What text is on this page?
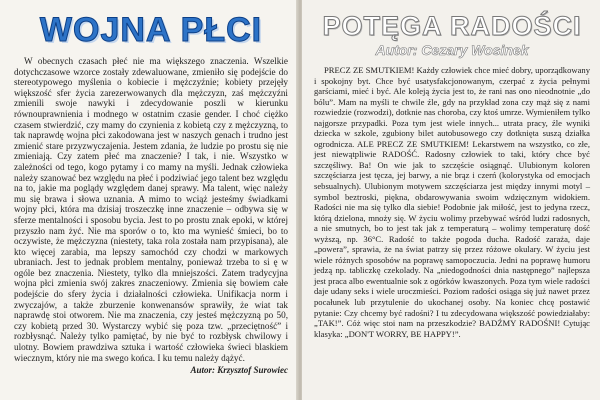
WOJNA PŁCI

W obecnych czasach płeć nie ma większego znaczenia. Wszelkie dotychczasowe wzorce zostały zdewaluowane, zmieniło się podejście do stereotypowego myślenia o kobiecie i mężczyźnie; kobiety przejęły większość sfer życia zarezerwowanych dla mężczyzn, zaś mężczyźni zmienili swoje nawyki i zdecydowanie poszli w kierunku równouprawnienia i modnego w ostatnim czasie gender. I choć ciężko czasem stwierdzić, czy mamy do czynienia z kobietą czy z mężczyzną, to tak naprawdę wojna płci zakodowana jest w naszych genach i trudno jest zmienić stare przyzwyczajenia. Jestem zdania, że ludzie po prostu się nie zmieniają. Czy zatem płeć ma znaczenie? I tak, i nie. Wszystko w zależności od tego, kogo pytamy i co mamy na myśli. Jednak człowieka należy szanować bez względu na płeć i podziwiać jego talent bez względu na to, jakie ma poglądy względem danej sprawy. Ma talent, więc należy mu się brawa i słowa uznania. A mimo to wciąż jesteśmy świadkami wojny płci, która ma dzisiaj troszeczkę inne znaczenie – odbywa się w sferze mentalności i sposobu bycia. Jest to po prostu znak epoki, w której przyszło nam żyć. Nie ma sporów o to, kto ma wynieść śmieci, bo to oczywiste, że mężczyzna (niestety, taka rola została nam przypisana), ale kto więcej zarabia, ma lepszy samochód czy chodzi w markowych ubraniach. Jest to jednak problem mentalny, ponieważ trzeba to si ę w ogóle bez znaczenia. Niestety, tylko dla mniejszości. Zatem tradycyjna wojna płci zmienia swój zakres znaczeniowy. Zmienia się bowiem całe podejście do sfery życia i działalności człowieka. Unifikacja norm i zwyczajów, a także zburzenie konwenansów sprawiły, że wiat tak naprawdę stoi otworem. Nie ma znaczenia, czy jesteś mężczyzną po 50, czy kobietą przed 30. Wystarczy wybić się poza tzw. „przeciętność” i rozbłysnąć. Należy tylko pamiętać, by nie być to rozbłysk chwilowy i ulotny. Bowiem prawdziwa sztuka i wartość człowieka świeci blaskiem wiecznym, który nie ma swego końca. I ku temu należy dążyć.

Autor: Krzysztof Surowiec

POTĘGA RADOŚCI
Autor: Cezary Wosinek

PRECZ ZE SMUTKIEM! Każdy człowiek chce mieć dobry, uporządkowany i spokojny byt. Chce być usatysfakcjonowanym, czerpać z życia pełnymi garściami, mieć i być. Ale koleją życia jest to, że rani nas ono nieodnotnie „do bólu”. Mam na myśli te chwile źle, gdy na przykład zona czy mąż się z nami rozwiedzie (rozwodzi), dotknie nas choroba, czy ktoś umrze. Wymieniłem tylko najgorsze przypadki. Poza tym jest wiele innych... utrata pracy, źle wyniki dziecka w szkole, zgubiony bilet autobusowego czy dotknięta suszą działka ogrodnicza. ALE PRECZ ZE SMUTKIEM! Lekarstwem na wszystko, co złe, jest niewątpliwie RADOŚĆ. Radosny człowiek to taki, który chce być szczęśliwy. Ba! On wie jak to szczęście osiągnąć. Ulubionym koloren szczęściarza jest tęcza, jej barwy, a nie brąz i czerń (kolorystyka od emocjach sebsualnych). Ulubionym motywem szczęściarza jest między innymi motyl – symbol beztroski, piękna, obdarowywania swoim wdzięcznym widokiem. Radości nie ma się tylko dla siebie! Podobnie jak miłość, jest to jedyna rzecz, którą dzielona, mnoży się. W życiu wolimy przebywać wśród ludzi radosnych, a nie smutnych, bo to jest tak jak z temperaturą – wolimy temperaturę dość wyższą, np. 36°C. Radość to także pogoda ducha. Radość zaraża, daje „powera”, sprawia, że na świat patrzy się przez różowe okulary. W życiu jest wiele różnych sposobów na poprawę samopoczucia. Jedni na poprawę humoru jedzą np. tabliczkę czekolady. Na „niedogodności dnia następnego” najlepsza jest praca albo ewentualnie sok z ogórków kwaszonych. Poza tym wiele radości daje udany seks i wiele uroczmieści. Poziom radości osiąga się już nawet przez pocałunek lub przytulenie do ukochanej osoby. Na koniec chcę postawić pytanie: Czy chcemy być radośni? I tu zdecydowana większość powiedziałaby: „TAK!”. Cóż więc stoi nam na przeszkodzie? BADŹMY RADOŚNI! Cytując klasyka: „DON'T WORRY, BE HAPPY!”.
